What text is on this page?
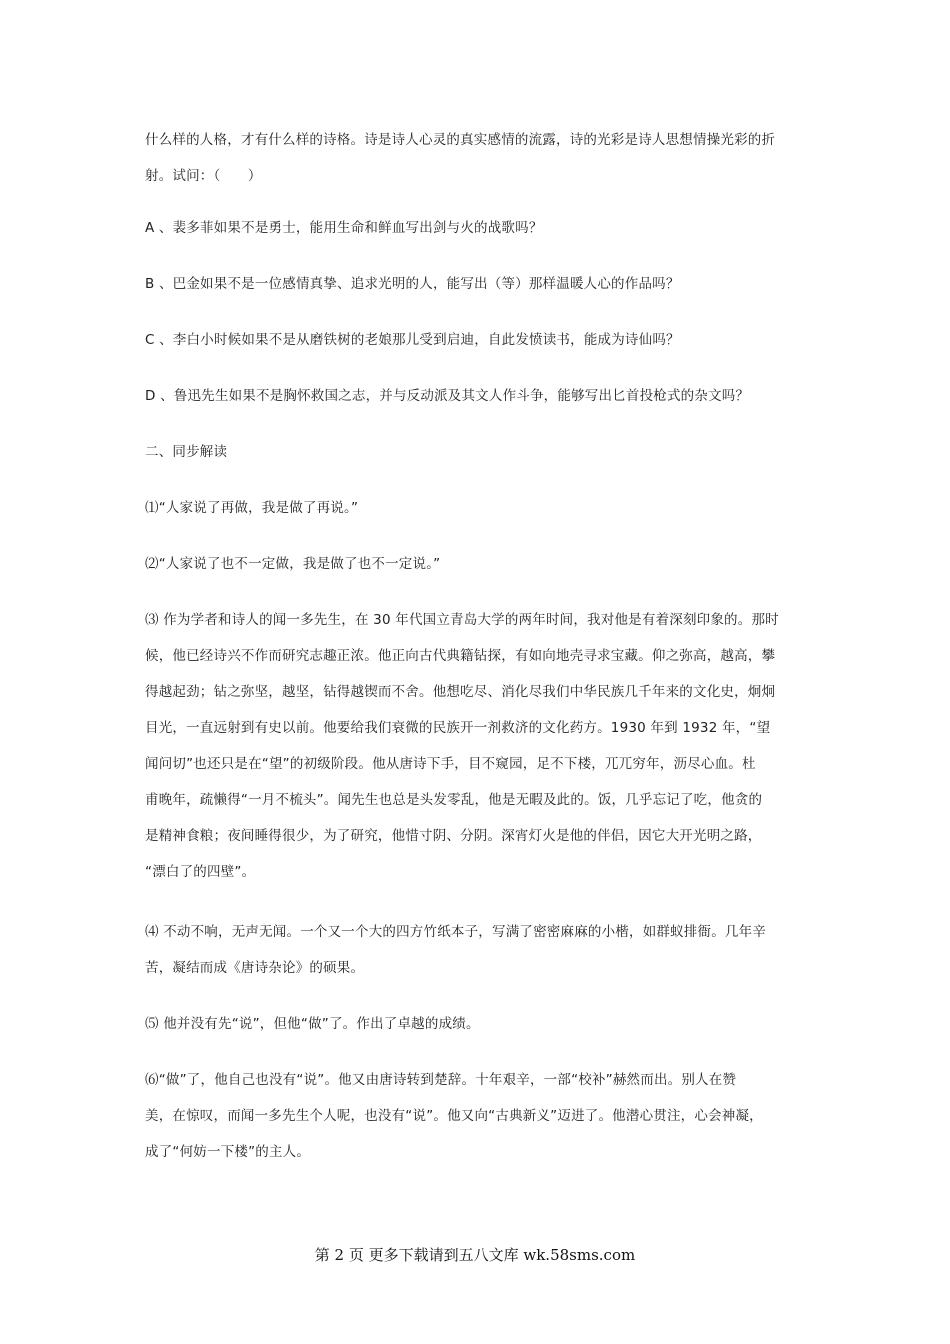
什么样的人格，才有什么样的诗格。诗是诗人心灵的真实感情的流露，诗的光彩是诗人思想情操光彩的折
射。试问：（　　）
A 、裴多菲如果不是勇士，能用生命和鲜血写出剑与火的战歌吗？
B 、巴金如果不是一位感情真挚、追求光明的人，能写出（等）那样温暖人心的作品吗？
C 、李白小时候如果不是从磨铁树的老娘那儿受到启迪，自此发愤读书，能成为诗仙吗？
D 、鲁迅先生如果不是胸怀救国之志，并与反动派及其文人作斗争，能够写出匕首投枪式的杂文吗？
二、同步解读
⑴“人家说了再做，我是做了再说。”
⑵“人家说了也不一定做，我是做了也不一定说。”
⑶ 作为学者和诗人的闻一多先生，在 30 年代国立青岛大学的两年时间，我对他是有着深刻印象的。那时
候，他已经诗兴不作而研究志趣正浓。他正向古代典籍钻探，有如向地壳寻求宝藏。仰之弥高，越高，攀
得越起劲；钻之弥坚，越坚，钻得越锲而不舍。他想吃尽、消化尽我们中华民族几千年来的文化史，炯炯
目光，一直远射到有史以前。他要给我们衰微的民族开一剂救济的文化药方。1930 年到 1932 年，“望
闻问切”也还只是在“望”的初级阶段。他从唐诗下手，目不窥园，足不下楼，兀兀穷年，沥尽心血。杜
甫晚年，疏懒得“一月不梳头”。闻先生也总是头发零乱，他是无暇及此的。饭，几乎忘记了吃，他贪的
是精神食粮；夜间睡得很少，为了研究，他惜寸阴、分阴。深宵灯火是他的伴侣，因它大开光明之路，
“漂白了的四壁”。
⑷ 不动不响，无声无闻。一个又一个大的四方竹纸本子，写满了密密麻麻的小楷，如群蚁排衙。几年辛
苦，凝结而成《唐诗杂论》的硕果。
⑸ 他并没有先“说”，但他“做”了。作出了卓越的成绩。
⑹“做”了，他自己也没有“说”。他又由唐诗转到楚辞。十年艰辛，一部“校补”赫然而出。别人在赞
美，在惊叹，而闻一多先生个人呢，也没有“说”。他又向“古典新义”迈进了。他潜心贯注，心会神凝，
成了“何妨一下楼”的主人。
第 2 页 更多下载请到五八文库 wk.58sms.com
